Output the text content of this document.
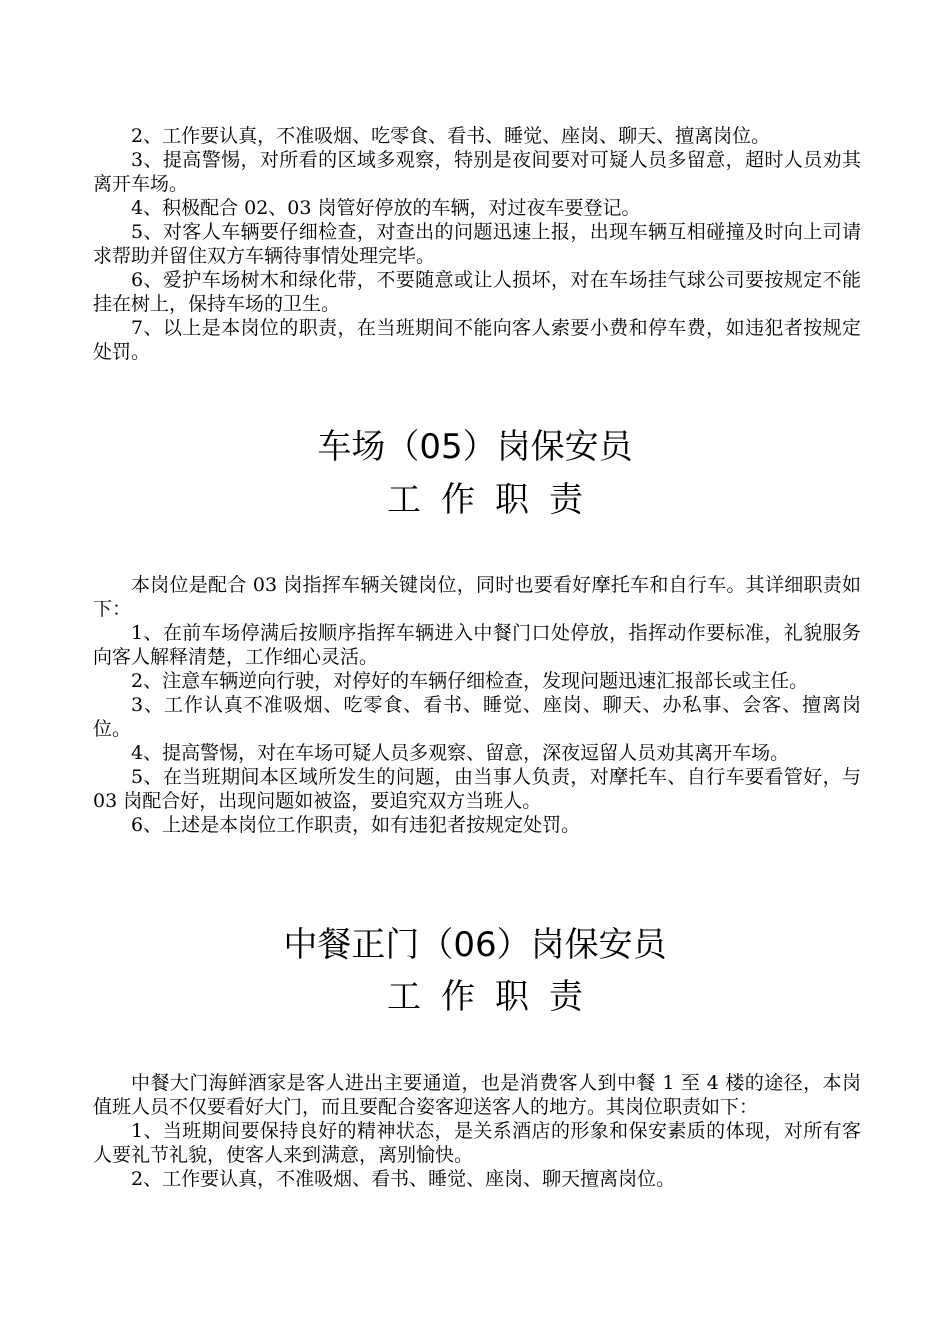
2、工作要认真，不准吸烟、吃零食、看书、睡觉、座岗、聊天、擅离岗位。

3、提高警惕，对所看的区域多观察，特别是夜间要对可疑人员多留意，超时人员劝其离开车场。

4、积极配合 02、03 岗管好停放的车辆，对过夜车要登记。

5、对客人车辆要仔细检查，对查出的问题迅速上报，出现车辆互相碰撞及时向上司请求帮助并留住双方车辆待事情处理完毕。

6、爱护车场树木和绿化带，不要随意或让人损坏，对在车场挂气球公司要按规定不能挂在树上，保持车场的卫生。

7、以上是本岗位的职责，在当班期间不能向客人索要小费和停车费，如违犯者按规定处罚。

车场（05）岗保安员
工作职责

本岗位是配合 03 岗指挥车辆关键岗位，同时也要看好摩托车和自行车。其详细职责如下：

1、在前车场停满后按顺序指挥车辆进入中餐门口处停放，指挥动作要标准，礼貌服务向客人解释清楚，工作细心灵活。

2、注意车辆逆向行驶，对停好的车辆仔细检查，发现问题迅速汇报部长或主任。

3、工作认真不准吸烟、吃零食、看书、睡觉、座岗、聊天、办私事、会客、擅离岗位。

4、提高警惕，对在车场可疑人员多观察、留意，深夜逗留人员劝其离开车场。

5、在当班期间本区域所发生的问题，由当事人负责，对摩托车、自行车要看管好，与 03 岗配合好，出现问题如被盗，要追究双方当班人。

6、上述是本岗位工作职责，如有违犯者按规定处罚。

中餐正门（06）岗保安员
工作职责

中餐大门海鲜酒家是客人进出主要通道，也是消费客人到中餐 1 至 4 楼的途径，本岗值班人员不仅要看好大门，而且要配合姿客迎送客人的地方。其岗位职责如下：

1、当班期间要保持良好的精神状态，是关系酒店的形象和保安素质的体现，对所有客人要礼节礼貌，使客人来到满意，离别愉快。

2、工作要认真，不准吸烟、看书、睡觉、座岗、聊天擅离岗位。
